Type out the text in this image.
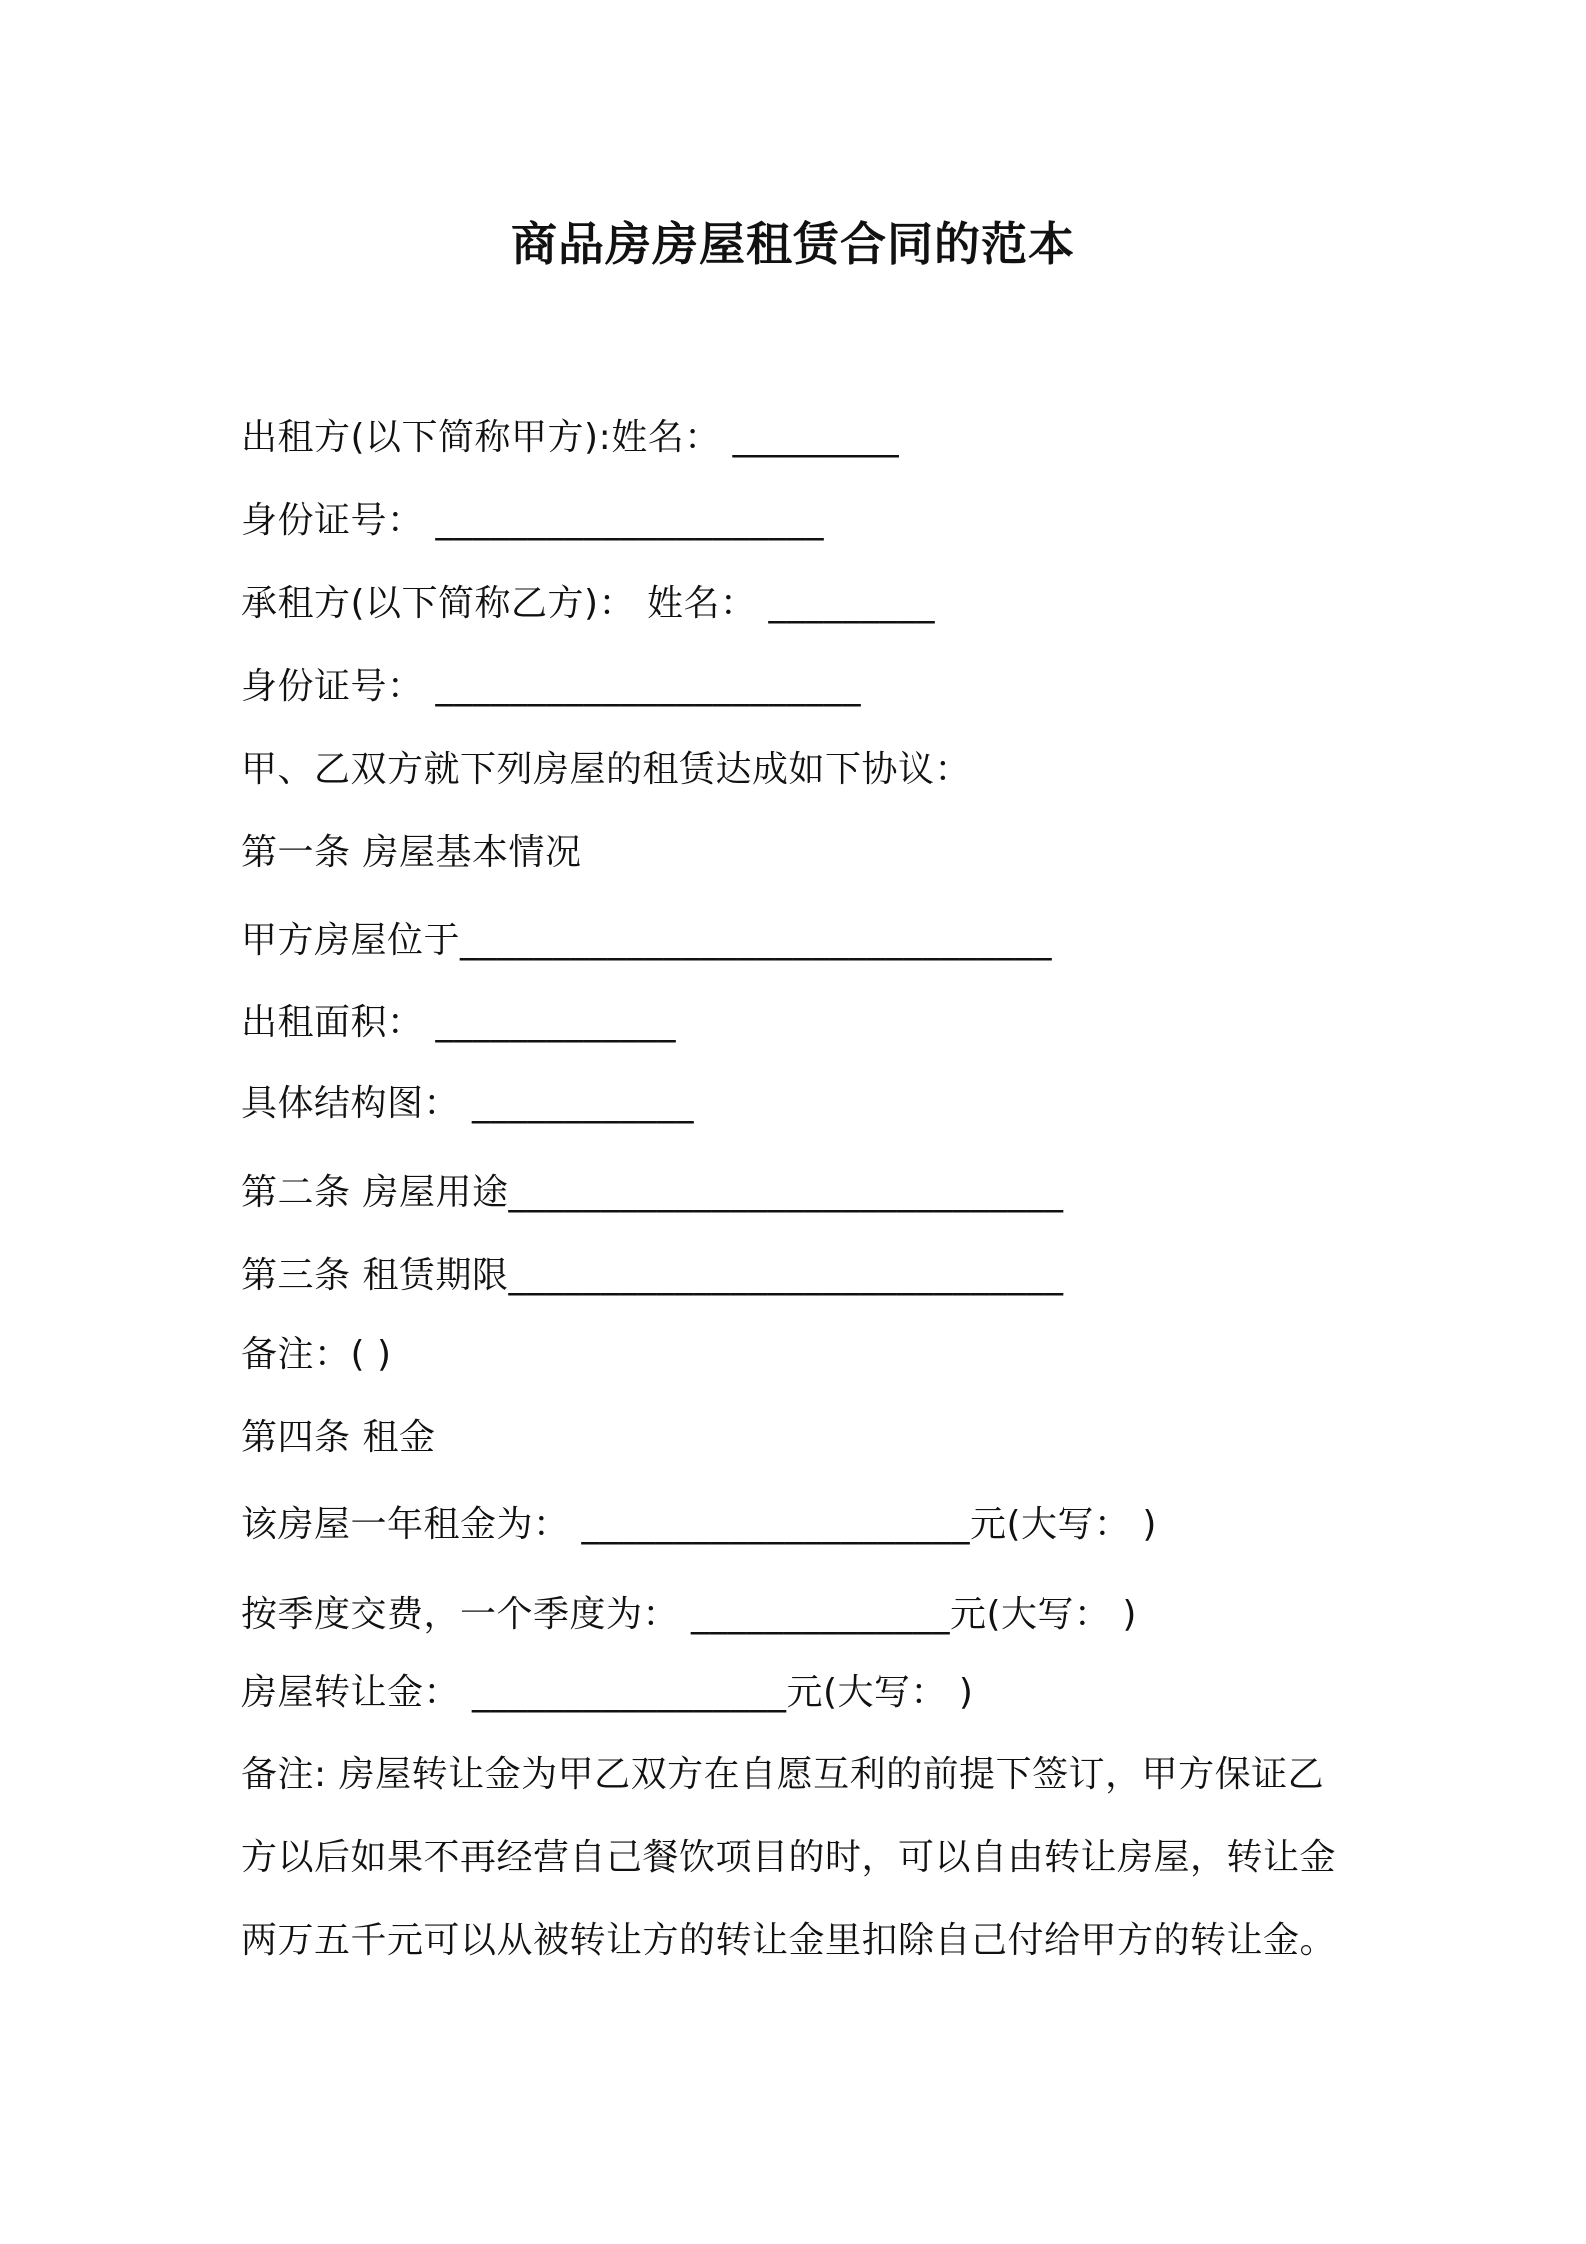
商品房房屋租赁合同的范本
出租方(以下简称甲方):姓名： _________
身份证号： _____________________
承租方(以下简称乙方)： 姓名： _________
身份证号： _______________________
甲、乙双方就下列房屋的租赁达成如下协议：
第一条 房屋基本情况
甲方房屋位于________________________________
出租面积： _____________
具体结构图： ____________
第二条 房屋用途______________________________
第三条 租赁期限______________________________
备注：( )
第四条 租金
该房屋一年租金为： _____________________元(大写： )
按季度交费，一个季度为： ______________元(大写： )
房屋转让金： _________________元(大写： )
备注: 房屋转让金为甲乙双方在自愿互利的前提下签订，甲方保证乙
方以后如果不再经营自己餐饮项目的时，可以自由转让房屋，转让金
两万五千元可以从被转让方的转让金里扣除自己付给甲方的转让金。
